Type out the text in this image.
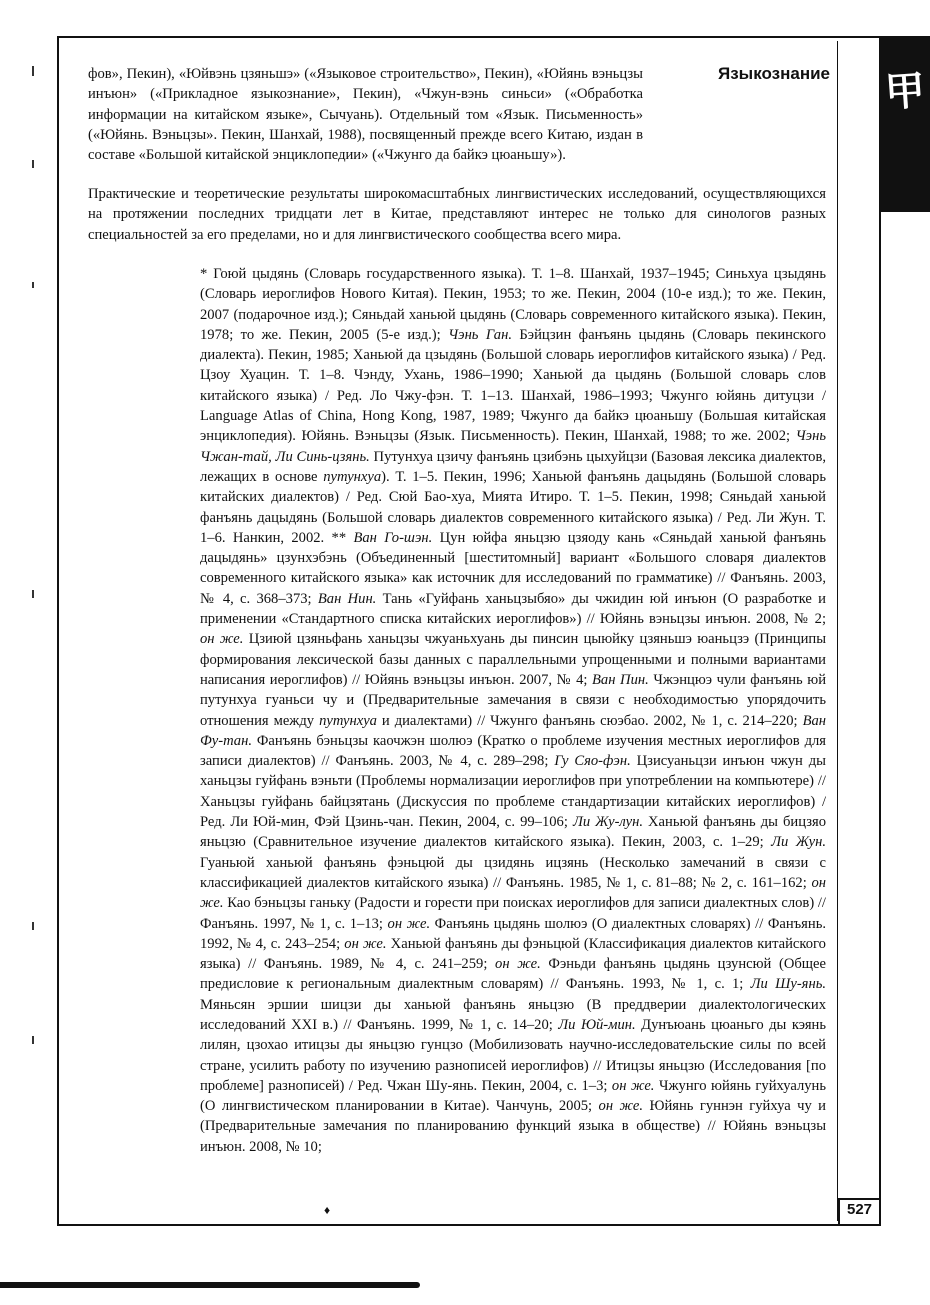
甲
Языкознание

фов», Пекин), «Юйвэнь цзяньшэ» («Языковое строительство», Пекин), «Юйянь вэньцзы инъюн» («Прикладное языкознание», Пекин), «Чжун-вэнь синьси» («Обработка информации на китайском языке», Сычуань). Отдельный том «Язык. Письменность» («Юйянь. Вэньцзы». Пекин, Шанхай, 1988), посвященный прежде всего Китаю, издан в составе «Большой китайской энциклопедии» («Чжунго да байкэ цюаньшу»).

Практические и теоретические результаты широкомасштабных лингвистических исследований, осуществляющихся на протяжении последних тридцати лет в Китае, представляют интерес не только для синологов разных специальностей за его пределами, но и для лингвистического сообщества всего мира.

* Гоюй цыдянь (Словарь государственного языка). Т. 1–8. Шанхай, 1937–1945; Синьхуа цзыдянь (Словарь иероглифов Нового Китая). Пекин, 1953; то же. Пекин, 2004 (10-е изд.); то же. Пекин, 2007 (подарочное изд.); Сяньдай ханьюй цыдянь (Словарь современного китайского языка). Пекин, 1978; то же. Пекин, 2005 (5-е изд.); Чэнь Ган. Бэйцзин фанъянь цыдянь (Словарь пекинского диалекта). Пекин, 1985; Ханьюй да цзыдянь (Большой словарь иероглифов китайского языка) / Ред. Цзоу Хуацин. Т. 1–8. Чэнду, Ухань, 1986–1990; Ханьюй да цыдянь (Большой словарь слов китайского языка) / Ред. Ло Чжу-фэн. Т. 1–13. Шанхай, 1986–1993; Чжунго юйянь дитуцзи / Language Atlas of China, Hong Kong, 1987, 1989; Чжунго да байкэ цюаньшу (Большая китайская энциклопедия). Юйянь. Вэньцзы (Язык. Письменность). Пекин, Шанхай, 1988; то же. 2002; Чэнь Чжан-тай, Ли Синь-цзянь. Путунхуа цзичу фанъянь цзибэнь цыхуйцзи (Базовая лексика диалектов, лежащих в основе путунхуа). Т. 1–5. Пекин, 1996; Ханьюй фанъянь дацыдянь (Большой словарь китайских диалектов) / Ред. Сюй Бао-хуа, Мията Итиро. Т. 1–5. Пекин, 1998; Сяньдай ханьюй фанъянь дацыдянь (Большой словарь диалектов современного китайского языка) / Ред. Ли Жун. Т. 1–6. Нанкин, 2002. ** Ван Го-шэн. Цун юйфа яньцзю цзяоду кань «Сяньдай ханьюй фанъянь дацыдянь» цзунхэбэнь (Объединенный [шеститомный] вариант «Большого словаря диалектов современного китайского языка» как источник для исследований по грамматике) // Фанъянь. 2003, № 4, с. 368–373; Ван Нин. Тань «Гуйфань ханьцзыбяо» ды чжидин юй инъюн (О разработке и применении «Стандартного списка китайских иероглифов») // Юйянь вэньцзы инъюн. 2008, № 2; он же. Цзиюй цзяньфань ханьцзы чжуаньхуань ды пинсин цыюйку цзяньшэ юаньцзэ (Принципы формирования лексической базы данных с параллельными упрощенными и полными вариантами написания иероглифов) // Юйянь вэньцзы инъюн. 2007, № 4; Ван Пин. Чжэнцюэ чули фанъянь юй путунхуа гуаньси чу и (Предварительные замечания в связи с необходимостью упорядочить отношения между путунхуа и диалектами) // Чжунго фанъянь сюэбао. 2002, № 1, с. 214–220; Ван Фу-тан. Фанъянь бэньцзы каочжэн шолюэ (Кратко о проблеме изучения местных иероглифов для записи диалектов) // Фанъянь. 2003, № 4, с. 289–298; Гу Сяо-фэн. Цзисуаньцзи инъюн чжун ды ханьцзы гуйфань вэньти (Проблемы нормализации иероглифов при употреблении на компьютере) // Ханьцзы гуйфань байцзятань (Дискуссия по проблеме стандартизации китайских иероглифов) / Ред. Ли Юй-мин, Фэй Цзинь-чан. Пекин, 2004, с. 99–106; Ли Жу-лун. Ханьюй фанъянь ды бицзяо яньцзю (Сравнительное изучение диалектов китайского языка). Пекин, 2003, с. 1–29; Ли Жун. Гуаньюй ханьюй фанъянь фэньцюй ды цзидянь ицзянь (Несколько замечаний в связи с классификацией диалектов китайского языка) // Фанъянь. 1985, № 1, с. 81–88; № 2, с. 161–162; он же. Као бэньцзы ганьку (Радости и горести при поисках иероглифов для записи диалектных слов) // Фанъянь. 1997, № 1, с. 1–13; он же. Фанъянь цыдянь шолюэ (О диалектных словарях) // Фанъянь. 1992, № 4, с. 243–254; он же. Ханьюй фанъянь ды фэньцюй (Классификация диалектов китайского языка) // Фанъянь. 1989, № 4, с. 241–259; он же. Фэньди фанъянь цыдянь цзунсюй (Общее предисловие к региональным диалектным словарям) // Фанъянь. 1993, № 1, с. 1; Ли Шу-янь. Мяньсян эршии шицзи ды ханьюй фанъянь яньцзю (В преддверии диалектологических исследований XXI в.) // Фанъянь. 1999, № 1, с. 14–20; Ли Юй-мин. Дунъюань цюаньго ды кэянь лилян, цзохао итицзы ды яньцзю гунцзо (Мобилизовать научно-исследовательские силы по всей стране, усилить работу по изучению разнописей иероглифов) // Итицзы яньцзю (Исследования [по проблеме] разнописей) / Ред. Чжан Шу-янь. Пекин, 2004, с. 1–3; он же. Чжунго юйянь гуйхуалунь (О лингвистическом планировании в Китае). Чанчунь, 2005; он же. Юйянь гуннэн гуйхуа чу и (Предварительные замечания по планированию функций языка в обществе) // Юйянь вэньцзы инъюн. 2008, № 10;

♦	527
